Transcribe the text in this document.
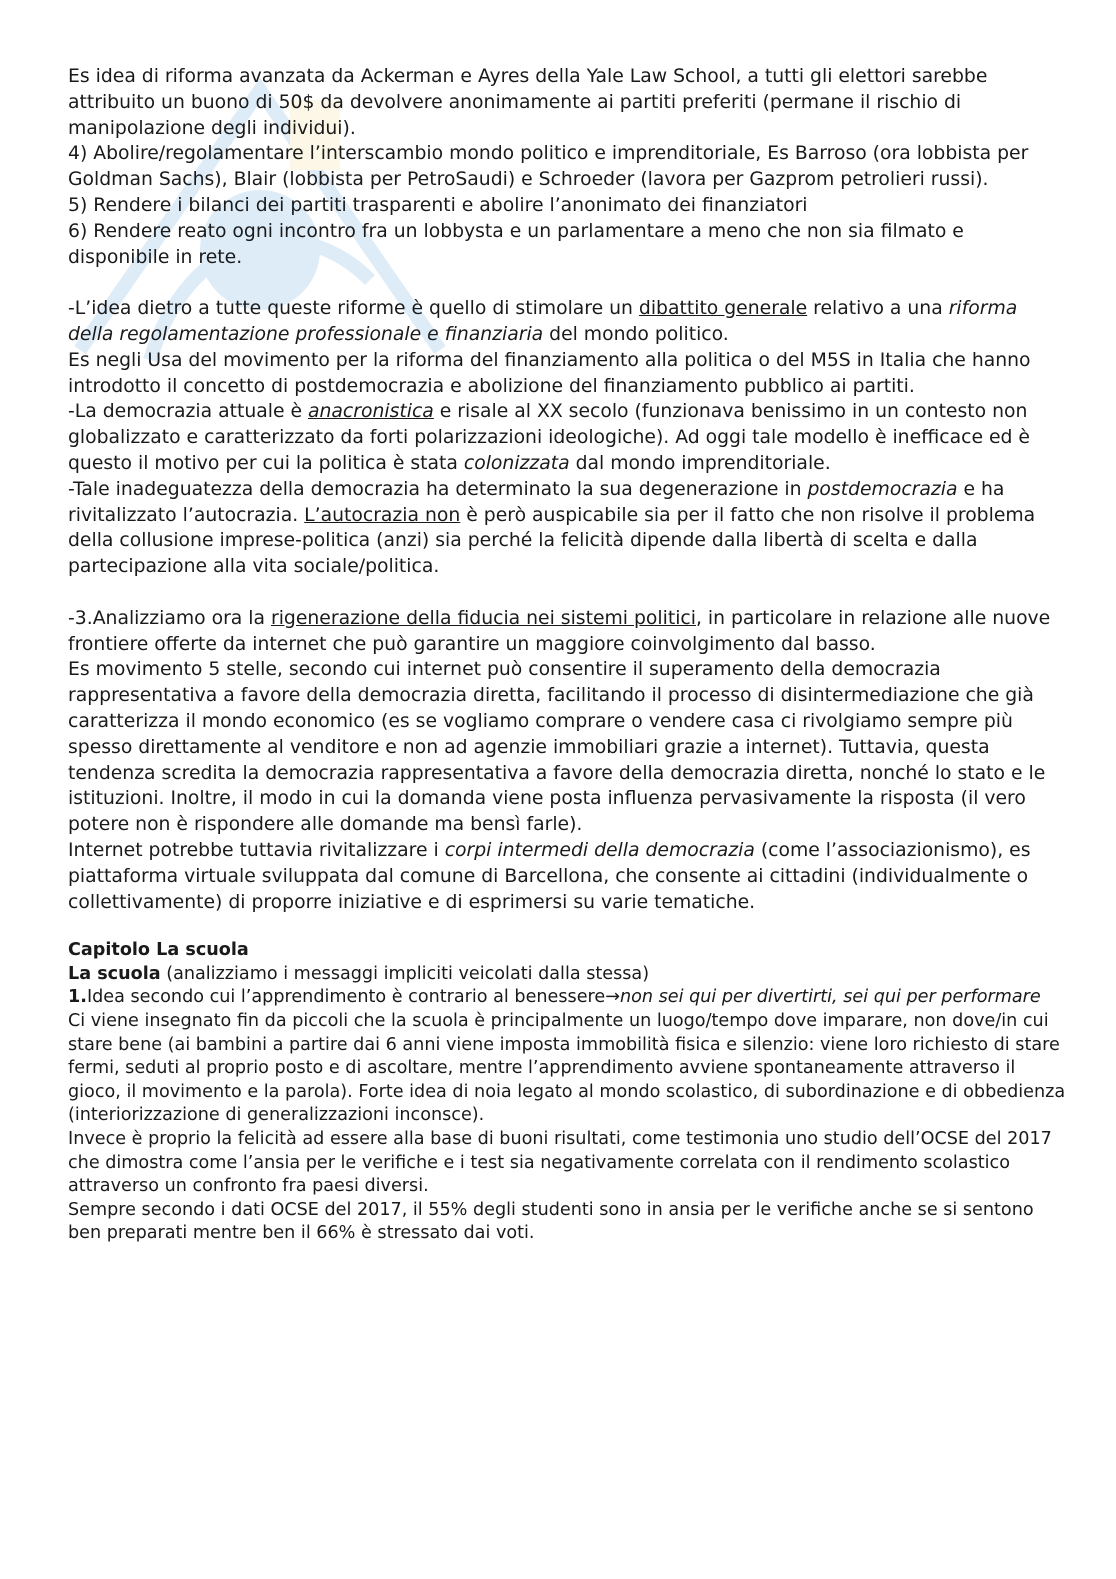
Es idea di riforma avanzata da Ackerman e Ayres della Yale Law School, a tutti gli elettori sarebbe attribuito un buono di 50$ da devolvere anonimamente ai partiti preferiti (permane il rischio di manipolazione degli individui).

4) Abolire/regolamentare l’interscambio mondo politico e imprenditoriale, Es Barroso (ora lobbista per Goldman Sachs), Blair (lobbista per PetroSaudi) e Schroeder (lavora per Gazprom petrolieri russi).

5) Rendere i bilanci dei partiti trasparenti e abolire l’anonimato dei finanziatori

6) Rendere reato ogni incontro fra un lobbysta e un parlamentare a meno che non sia filmato e disponibile in rete.

-L’idea dietro a tutte queste riforme è quello di stimolare un dibattito generale relativo a una riforma della regolamentazione professionale e finanziaria del mondo politico.

Es negli Usa del movimento per la riforma del finanziamento alla politica o del M5S in Italia che hanno introdotto il concetto di postdemocrazia e abolizione del finanziamento pubblico ai partiti.

-La democrazia attuale è anacronistica e risale al XX secolo (funzionava benissimo in un contesto non globalizzato e caratterizzato da forti polarizzazioni ideologiche). Ad oggi tale modello è inefficace ed è questo il motivo per cui la politica è stata colonizzata dal mondo imprenditoriale.

-Tale inadeguatezza della democrazia ha determinato la sua degenerazione in postdemocrazia e ha rivitalizzato l’autocrazia. L’autocrazia non è però auspicabile sia per il fatto che non risolve il problema della collusione imprese-politica (anzi) sia perché la felicità dipende dalla libertà di scelta e dalla partecipazione alla vita sociale/politica.

-3.Analizziamo ora la rigenerazione della fiducia nei sistemi politici, in particolare in relazione alle nuove frontiere offerte da internet che può garantire un maggiore coinvolgimento dal basso.

Es movimento 5 stelle, secondo cui internet può consentire il superamento della democrazia rappresentativa a favore della democrazia diretta, facilitando il processo di disintermediazione che già caratterizza il mondo economico (es se vogliamo comprare o vendere casa ci rivolgiamo sempre più spesso direttamente al venditore e non ad agenzie immobiliari grazie a internet). Tuttavia, questa tendenza scredita la democrazia rappresentativa a favore della democrazia diretta, nonché lo stato e le istituzioni. Inoltre, il modo in cui la domanda viene posta influenza pervasivamente la risposta (il vero potere non è rispondere alle domande ma bensì farle).

Internet potrebbe tuttavia rivitalizzare i corpi intermedi della democrazia (come l’associazionismo), es piattaforma virtuale sviluppata dal comune di Barcellona, che consente ai cittadini (individualmente o collettivamente) di proporre iniziative e di esprimersi su varie tematiche.

Capitolo La scuola

La scuola (analizziamo i messaggi impliciti veicolati dalla stessa)

1.Idea secondo cui l’apprendimento è contrario al benessere→non sei qui per divertirti, sei qui per performare

Ci viene insegnato fin da piccoli che la scuola è principalmente un luogo/tempo dove imparare, non dove/in cui stare bene (ai bambini a partire dai 6 anni viene imposta immobilità fisica e silenzio: viene loro richiesto di stare fermi, seduti al proprio posto e di ascoltare, mentre l’apprendimento avviene spontaneamente attraverso il gioco, il movimento e la parola). Forte idea di noia legato al mondo scolastico, di subordinazione e di obbedienza (interiorizzazione di generalizzazioni inconsce).

Invece è proprio la felicità ad essere alla base di buoni risultati, come testimonia uno studio dell’OCSE del 2017 che dimostra come l’ansia per le verifiche e i test sia negativamente correlata con il rendimento scolastico attraverso un confronto fra paesi diversi.

Sempre secondo i dati OCSE del 2017, il 55% degli studenti sono in ansia per le verifiche anche se si sentono ben preparati mentre ben il 66% è stressato dai voti.
